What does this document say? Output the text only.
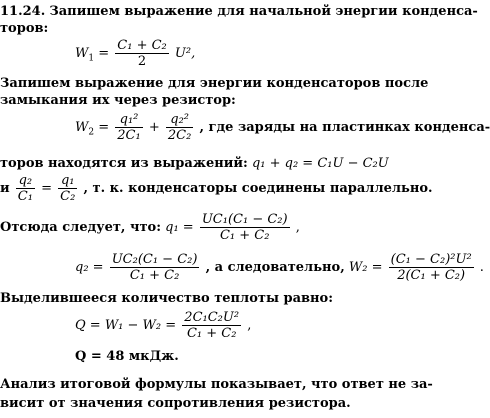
11.24. Запишем выражение для начальной энергии конденса-
торов:
$W_1 = \frac{\text{C₁ + C₂}}{2} U^2$,
Запишем выражение для энергии конденсаторов после
замыкания их через резистор:
$W_2 = \frac{\text{q₁²}}{\text{2C₁}} + \frac{\text{q₂²}}{\text{2C₂}}$ , где заряды на пластинках конденса-
торов находятся из выражений: q₁ + q₂ = C₁U − C₂U
и $\frac{\text{q₂}}{\text{C₁}} = \frac{\text{q₁}}{\text{C₂}}$ , т. к. конденсаторы соединены параллельно.
Отсюда следует, что: $q_1 = \frac{\text{UC₁(C₁ − C₂)}}{\text{C₁ + C₂}}$ ,
$q_2 = \frac{\text{UC₂(C₁ − C₂)}}{\text{C₁ + C₂}}$ , а следовательно, $W_2 = \frac{\text{(C₁ − C₂)²U²}}{\text{2(C₁ + C₂)}}$ .
Выделившееся количество теплоты равно:
$Q = W_1 - W_2 = \frac{\text{2C₁C₂U²}}{\text{C₁ + C₂}}$ ,
Q = 48 мкДж.
Анализ итоговой формулы показывает, что ответ не за-
висит от значения сопротивления резистора.
